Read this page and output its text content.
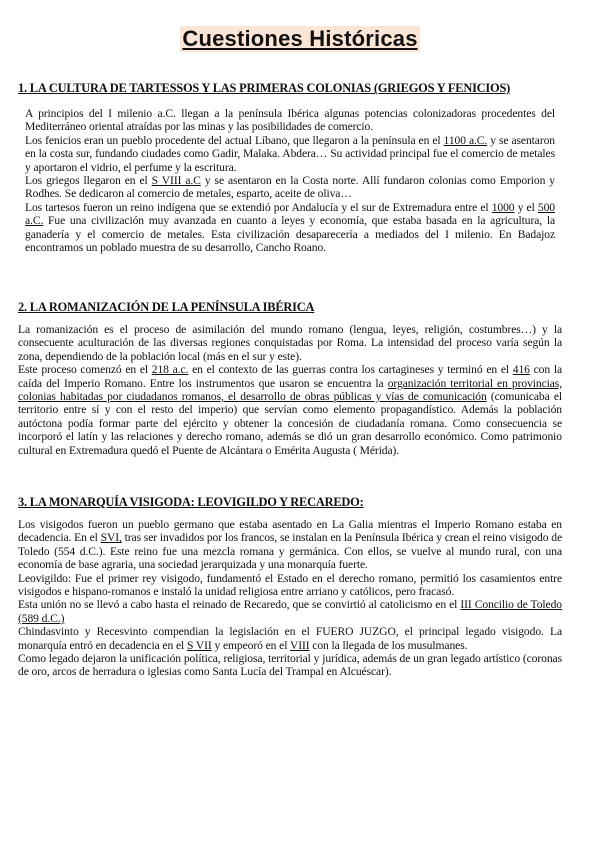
Cuestiones Históricas
1. LA CULTURA DE TARTESSOS Y LAS PRIMERAS COLONIAS (GRIEGOS Y FENICIOS)

A principios del I milenio a.C. llegan a la península Ibérica algunas potencias colonizadoras procedentes del Mediterráneo oriental atraídas por las minas y las posibilidades de comercio.

Los fenicios eran un pueblo procedente del actual Líbano, que llegaron a la península en el 1100 a.C. y se asentaron en la costa sur, fundando ciudades como Gadir, Malaka. Abdera… Su actividad principal fue el comercio de metales y aportaron el vidrio, el perfume y la escritura.

Los griegos llegaron en el S VIII a.C y se asentaron en la Costa norte. Allí fundaron colonias como Emporion y Rodhes. Se dedicaron al comercio de metales, esparto, aceite de oliva…

Los tartesos fueron un reino indígena que se extendió por Andalucía y el sur de Extremadura entre el 1000 y el 500 a.C. Fue una civilización muy avanzada en cuanto a leyes y economía, que estaba basada en la agricultura, la ganadería y el comercio de metales. Esta civilización desaparecería a mediados del I milenio. En Badajoz encontramos un poblado muestra de su desarrollo, Cancho Roano.

2. LA ROMANIZACIÓN DE LA PENÍNSULA IBÉRICA

La romanización es el proceso de asimilación del mundo romano (lengua, leyes, religión, costumbres…) y la consecuente aculturación de las diversas regiones conquistadas por Roma. La intensidad del proceso varía según la zona, dependiendo de la población local (más en el sur y este).

Este proceso comenzó en el 218 a.c. en el contexto de las guerras contra los cartagineses y terminó en el 416 con la caída del Imperio Romano. Entre los instrumentos que usaron se encuentra la organización territorial en provincias, colonias habitadas por ciudadanos romanos, el desarrollo de obras públicas y vías de comunicación (comunicaba el territorio entre sí y con el resto del imperio) que servían como elemento propagandístico. Además la población autóctona podía formar parte del ejército y obtener la concesión de ciudadanía romana. Como consecuencia se incorporó el latín y las relaciones y derecho romano, además se dió un gran desarrollo económico. Como patrimonio cultural en Extremadura quedó el Puente de Alcántara o Emérita Augusta ( Mérida).

3. LA MONARQUÍA VISIGODA: LEOVIGILDO Y RECAREDO:

Los visigodos fueron un pueblo germano que estaba asentado en La Galia mientras el Imperio Romano estaba en decadencia. En el SVI, tras ser invadidos por los francos, se instalan en la Península Ibérica y crean el reino visigodo de Toledo (554 d.C.). Este reino fue una mezcla romana y germánica. Con ellos, se vuelve al mundo rural, con una economía de base agraria, una sociedad jerarquizada y una monarquía fuerte.

Leovigildo: Fue el primer rey visigodo, fundamentó el Estado en el derecho romano, permitió los casamientos entre visigodos e hispano-romanos e instaló la unidad religiosa entre arriano y católicos, pero fracasó.

Esta unión no se llevó a cabo hasta el reinado de Recaredo, que se convirtió al catolicismo en el III Concilio de Toledo (589 d.C.)

Chindasvinto y Recesvinto compendian la legislación en el FUERO JUZGO, el principal legado visigodo. La monarquía entró en decadencia en el S VII y empeoró en el VIII con la llegada de los musulmanes.

Como legado dejaron la unificación política, religiosa, territorial y jurídica, además de un gran legado artístico (coronas de oro, arcos de herradura o iglesias como Santa Lucía del Trampal en Alcuéscar).
